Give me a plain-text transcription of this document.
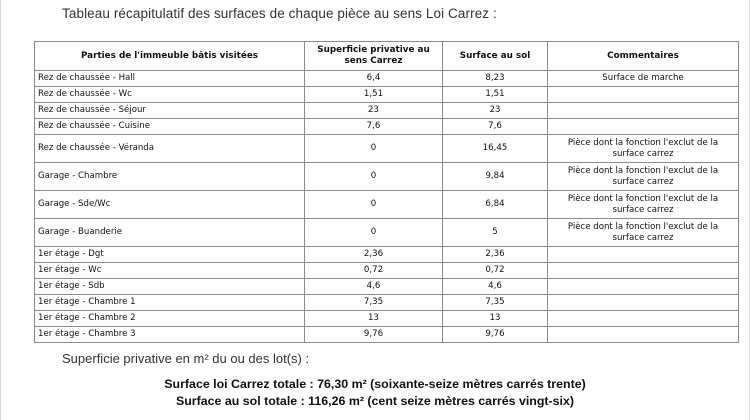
Tableau récapitulatif des surfaces de chaque pièce au sens Loi Carrez :
Parties de l'immeuble bâtis visitées	Superficie privative au sens Carrez	Surface au sol	Commentaires
Rez de chaussée - Hall	6,4	8,23	Surface de marche
Rez de chaussée - Wc	1,51	1,51	
Rez de chaussée - Séjour	23	23	
Rez de chaussée - Cuisine	7,6	7,6	
Rez de chaussée - Véranda	0	16,45	Pièce dont la fonction l'exclut de la surface carrez
Garage - Chambre	0	9,84	Pièce dont la fonction l'exclut de la surface carrez
Garage - Sde/Wc	0	6,84	Pièce dont la fonction l'exclut de la surface carrez
Garage - Buanderie	0	5	Pièce dont la fonction l'exclut de la surface carrez
1er étage - Dgt	2,36	2,36	
1er étage - Wc	0,72	0,72	
1er étage - Sdb	4,6	4,6	
1er étage - Chambre 1	7,35	7,35	
1er étage - Chambre 2	13	13	
1er étage - Chambre 3	9,76	9,76	
Superficie privative en m² du ou des lot(s) :
Surface loi Carrez totale : 76,30 m² (soixante-seize mètres carrés trente)
Surface au sol totale : 116,26 m² (cent seize mètres carrés vingt-six)
